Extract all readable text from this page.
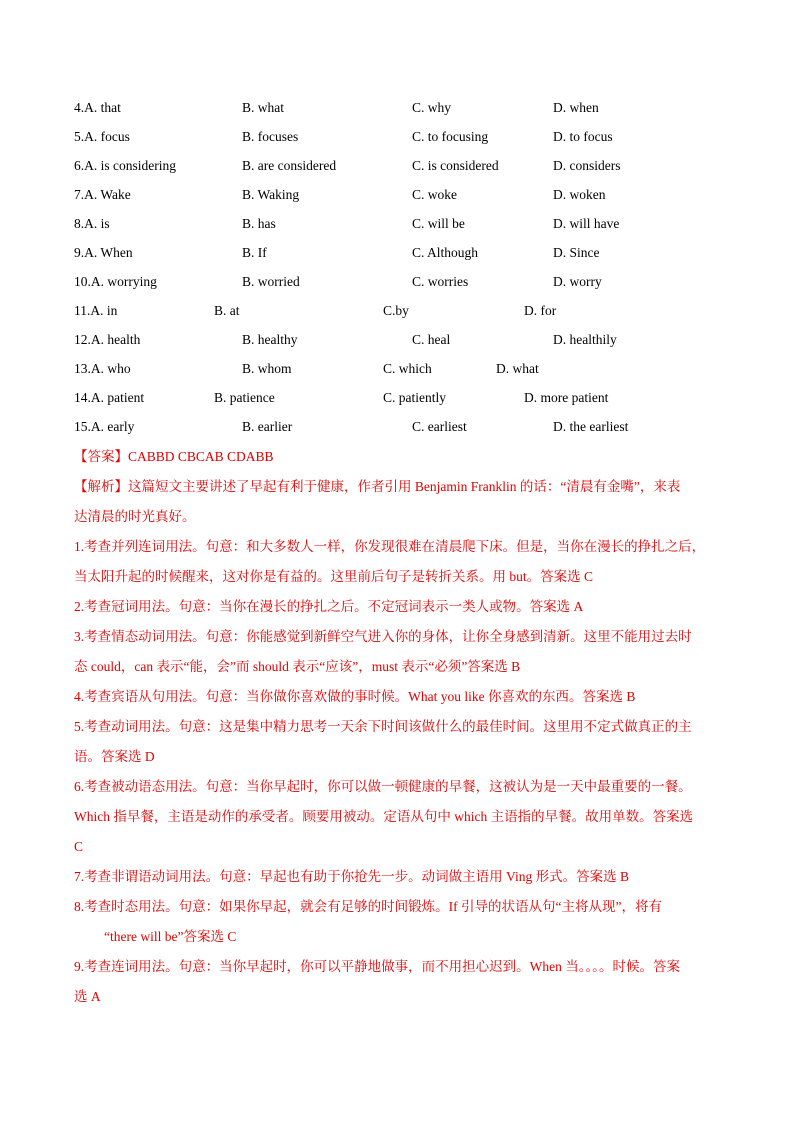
4.A. that	B. what	C. why	D. when
5.A. focus	B. focuses	C. to focusing	D. to focus
6.A. is considering	B. are considered	C. is considered	D. considers
7.A. Wake	B. Waking	C. woke	D. woken
8.A. is	B. has	C. will be	D. will have
9.A. When	B. If	C. Although	D. Since
10.A. worrying	B. worried	C. worries	D. worry
11.A. in	B. at	C.by	D. for
12.A. health	B. healthy	C. heal	D. healthily
13.A. who	B. whom	C. which	D. what
14.A. patient	B. patience	C. patiently	D. more patient
15.A. early	B. earlier	C. earliest	D. the earliest

【答案】CABBD CBCAB CDABB

【解析】这篇短文主要讲述了早起有利于健康，作者引用 Benjamin Franklin 的话：“清晨有金嘴”，来表

达清晨的时光真好。

1.考查并列连词用法。句意：和大多数人一样，你发现很难在清晨爬下床。但是，当你在漫长的挣扎之后，

当太阳升起的时候醒来，这对你是有益的。这里前后句子是转折关系。用 but。答案选 C

2.考查冠词用法。句意：当你在漫长的挣扎之后。不定冠词表示一类人或物。答案选 A

3.考查情态动词用法。句意：你能感觉到新鲜空气进入你的身体，让你全身感到清新。这里不能用过去时

态 could，can 表示“能，会”而 should 表示“应该”，must 表示“必须”答案选 B

4.考查宾语从句用法。句意：当你做你喜欢做的事时候。What you like 你喜欢的东西。答案选 B

5.考查动词用法。句意：这是集中精力思考一天余下时间该做什么的最佳时间。这里用不定式做真正的主

语。答案选 D

6.考查被动语态用法。句意：当你早起时，你可以做一顿健康的早餐，这被认为是一天中最重要的一餐。

Which 指早餐，主语是动作的承受者。顾要用被动。定语从句中 which 主语指的早餐。故用单数。答案选

C

7.考查非谓语动词用法。句意：早起也有助于你抢先一步。动词做主语用 Ving 形式。答案选 B

8.考查时态用法。句意：如果你早起，就会有足够的时间锻炼。If 引导的状语从句“主将从现”，将有

“there will be”答案选 C

9.考查连词用法。句意：当你早起时，你可以平静地做事，而不用担心迟到。When 当。。。。时候。答案

选 A
